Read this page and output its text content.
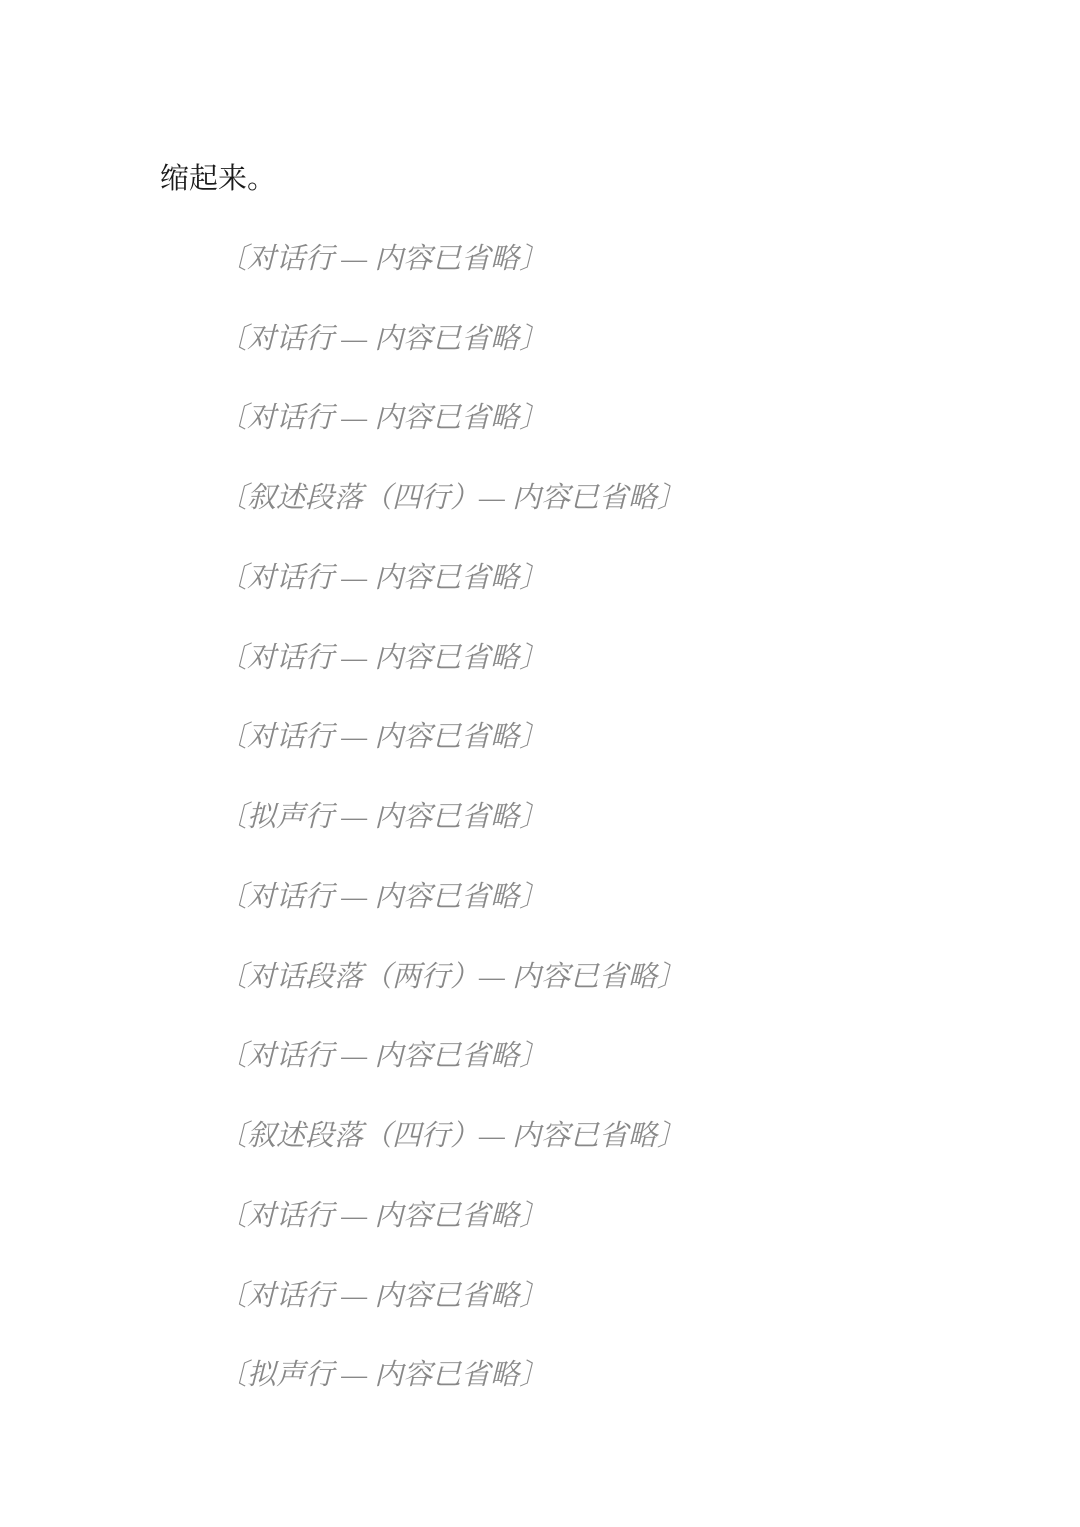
缩起来。
〔对话行 — 内容已省略〕
〔对话行 — 内容已省略〕
〔对话行 — 内容已省略〕
〔叙述段落（四行）— 内容已省略〕
〔对话行 — 内容已省略〕
〔对话行 — 内容已省略〕
〔对话行 — 内容已省略〕
〔拟声行 — 内容已省略〕
〔对话行 — 内容已省略〕
〔对话段落（两行）— 内容已省略〕
〔对话行 — 内容已省略〕
〔叙述段落（四行）— 内容已省略〕
〔对话行 — 内容已省略〕
〔对话行 — 内容已省略〕
〔拟声行 — 内容已省略〕
